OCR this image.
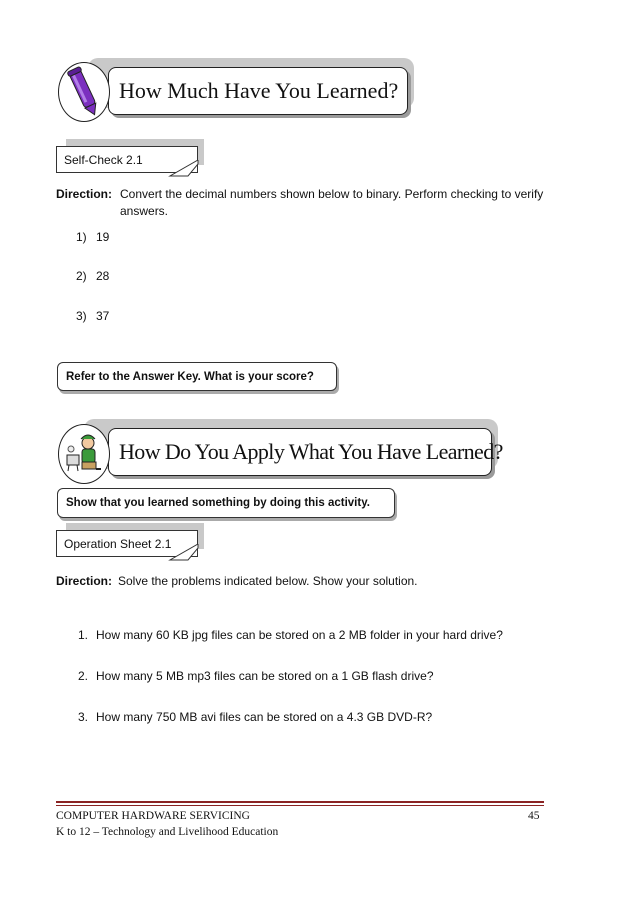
How Much Have You Learned?
Self-Check 2.1
Direction: Convert the decimal numbers shown below to binary. Perform checking to verify
answers.
1) 19
2) 28
3) 37
Refer to the Answer Key. What is your score?
How Do You Apply What You Have Learned?
Show that you learned something by doing this activity.
Operation Sheet 2.1
Direction: Solve the problems indicated below. Show your solution.
1. How many 60 KB jpg files can be stored on a 2 MB folder in your hard drive?
2. How many 5 MB mp3 files can be stored on a 1 GB flash drive?
3. How many 750 MB avi files can be stored on a 4.3 GB DVD-R?
COMPUTER HARDWARE SERVICING	45
K to 12 – Technology and Livelihood Education
